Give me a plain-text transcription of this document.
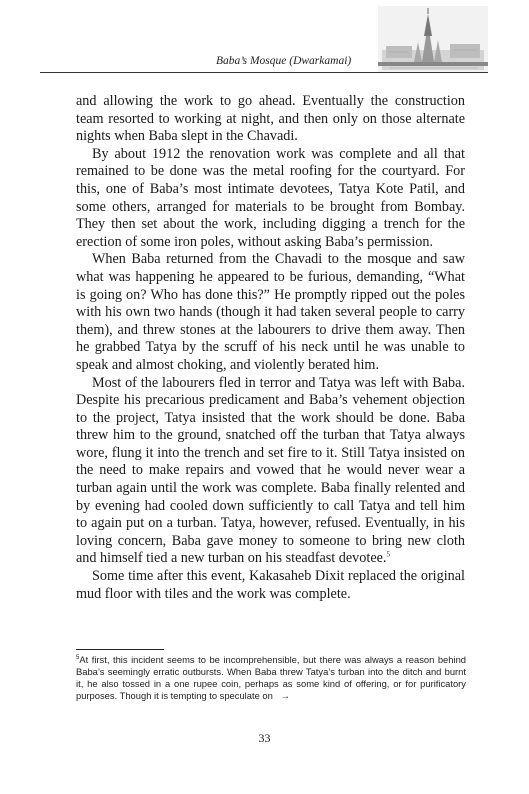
Baba’s Mosque (Dwarkamai)

and allowing the work to go ahead. Eventually the construction team resorted to working at night, and then only on those alternate nights when Baba slept in the Chavadi.

By about 1912 the renovation work was complete and all that remained to be done was the metal roofing for the courtyard. For this, one of Baba’s most intimate devotees, Tatya Kote Patil, and some others, arranged for materials to be brought from Bombay. They then set about the work, including digging a trench for the erection of some iron poles, without asking Baba’s permission.

When Baba returned from the Chavadi to the mosque and saw what was happening he appeared to be furious, demanding, “What is going on? Who has done this?” He promptly ripped out the poles with his own two hands (though it had taken several people to carry them), and threw stones at the labourers to drive them away. Then he grabbed Tatya by the scruff of his neck until he was unable to speak and almost choking, and violently berated him.

Most of the labourers fled in terror and Tatya was left with Baba. Despite his precarious predicament and Baba’s vehement objection to the project, Tatya insisted that the work should be done. Baba threw him to the ground, snatched off the turban that Tatya always wore, flung it into the trench and set fire to it. Still Tatya insisted on the need to make repairs and vowed that he would never wear a turban again until the work was complete. Baba finally relented and by evening had cooled down sufficiently to call Tatya and tell him to again put on a turban. Tatya, however, refused. Eventually, in his loving concern, Baba gave money to someone to bring new cloth and himself tied a new turban on his steadfast devotee.$^5$

Some time after this event, Kakasaheb Dixit replaced the original mud floor with tiles and the work was complete.

$^5$At first, this incident seems to be incomprehensible, but there was always a reason behind Baba’s seemingly erratic outbursts. When Baba threw Tatya’s turban into the ditch and burnt it, he also tossed in a one rupee coin, perhaps as some kind of offering, or for purificatory purposes. Though it is tempting to speculate on →
33
